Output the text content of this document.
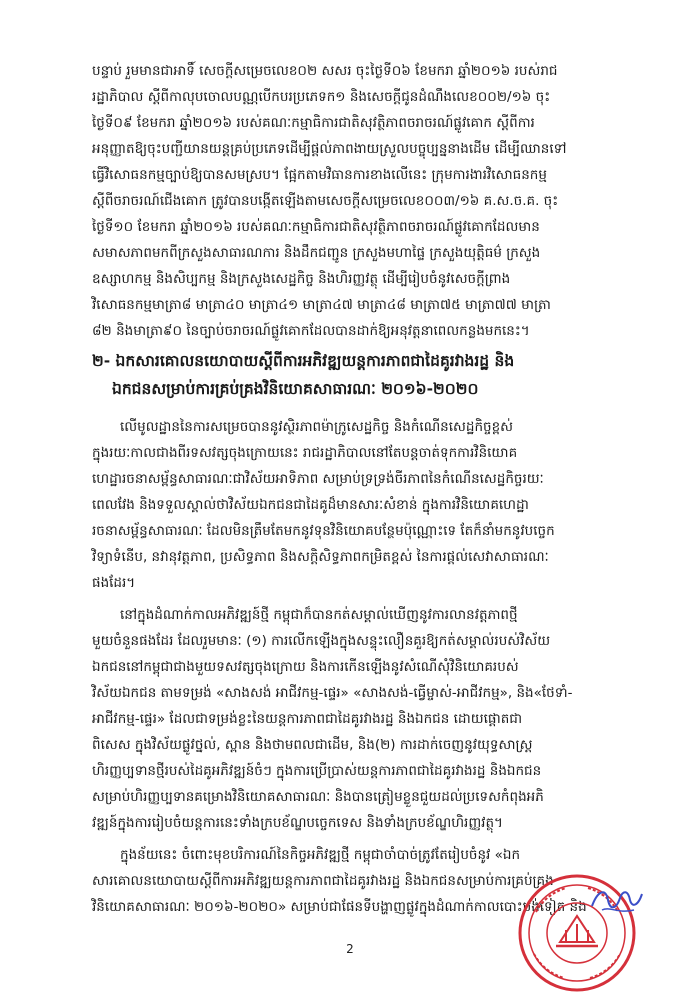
បន្ទាប់ រួមមានជាអាទិ៍ សេចក្ដីសម្រេចលេខ០២ សសរ ចុះថ្ងៃទី០៦ ខែមករា ឆ្នាំ២០១៦ របស់រាជ
រដ្ឋាភិបាល ស្ដីពីកាលុបចោលបណ្ណបើកបរប្រភេទក១ និងសេចក្ដីជូនដំណឹងលេខ០០២/១៦ ចុះ
ថ្ងៃទី០៩ ខែមករា ឆ្នាំ២០១៦ របស់គណៈកម្មាធិការជាតិសុវត្ថិភាពចរាចរណ៍ផ្លូវគោក ស្ដីពីការ
អនុញ្ញាតឱ្យចុះបញ្ជីយានយន្តគ្រប់ប្រភេទដើម្បីផ្ដល់ភាពងាយស្រួលបច្ចុប្បន្ននាងដើម ដើម្បីឈានទៅ
ធ្វើវិសោធនកម្មច្បាប់ឱ្យបានសមស្រប។ ផ្អែកតាមវិធានការខាងលើនេះ ក្រុមការងារវិសោធនកម្ម
ស្ដីពីចរាចរណ៍ជើងគោក ត្រូវបានបង្កើតឡើងតាមសេចក្ដីសម្រេចលេខ០០៣/១៦ គ.ស.ច.គ. ចុះ
ថ្ងៃទី១០ ខែមករា ឆ្នាំ២០១៦ របស់គណៈកម្មាធិការជាតិសុវត្ថិភាពចរាចរណ៍ផ្លូវគោកដែលមាន
សមាសភាពមកពីក្រសួងសាធារណការ និងដឹកជញ្ជូន ក្រសួងមហាផ្ទៃ ក្រសួងយុត្តិធម៌ ក្រសួង
ឧស្សាហកម្ម និងសិប្បកម្ម និងក្រសួងសេដ្ឋកិច្ច និងហិរញ្ញវត្ថុ ដើម្បីរៀបចំនូវសេចក្ដីព្រាង
វិសោធនកម្មមាត្រា៨ មាត្រា៤០ មាត្រា៤១ មាត្រា៤៧ មាត្រា៤៨ មាត្រា៧៥ មាត្រា៧៧ មាត្រា
៨២ និងមាត្រា៩០ នៃច្បាប់ចរាចរណ៍ផ្លូវគោកដែលបានដាក់ឱ្យអនុវត្តនាពេលកន្លងមកនេះ។
២- ឯកសារគោលនយោបាយស្ដីពីការអភិវឌ្ឍយន្តការភាពជាដៃគូរវាងរដ្ឋ និង
ឯកជនសម្រាប់ការគ្រប់គ្រងវិនិយោគសាធារណៈ ២០១៦-២០២០
លើមូលដ្ឋាននៃការសម្រេចបាននូវស្ថិរភាពម៉ាក្រូសេដ្ឋកិច្ច និងកំណើនសេដ្ឋកិច្ចខ្ពស់
ក្នុងរយៈកាលជាងពីរទសវត្សចុងក្រោយនេះ រាជរដ្ឋាភិបាលនៅតែបន្តចាត់ទុកការវិនិយោគ
ហេដ្ឋារចនាសម្ព័ន្ធសាធារណៈជាវិស័យអាទិភាព សម្រាប់ទ្រទ្រង់ចីរភាពនៃកំណើនសេដ្ឋកិច្ចរយៈ
ពេលវែង និងទទួលស្គាល់ថាវិស័យឯកជនជាដៃគូដ៏មានសារៈសំខាន់ ក្នុងការវិនិយោគហេដ្ឋា
រចនាសម្ព័ន្ធសាធារណៈ ដែលមិនត្រឹមតែមកនូវទុនវិនិយោគបន្ថែមប៉ុណ្ណោះទេ តែក៏នាំមកនូវបច្ចេក
វិទ្យាទំនើប, នវានុវត្តភាព, ប្រសិទ្ធភាព និងសក្ដិសិទ្ធភាពកម្រិតខ្ពស់ នៃការផ្ដល់សេវាសាធារណៈ
ផងដែរ។
នៅក្នុងដំណាក់កាលអភិវឌ្ឍន៍ថ្មី កម្ពុជាក៏បានកត់សម្គាល់ឃើញនូវការលានវត្តភាពថ្មី
មួយចំនួនផងដែរ ដែលរួមមានៈ (១) ការលើកឡើងក្នុងសន្ទុះលឿនគួរឱ្យកត់សម្គាល់របស់វិស័យ
ឯកជននៅកម្ពុជាជាងមួយទសវត្សចុងក្រោយ និងការកើនឡើងនូវសំណើសុំវិនិយោគរបស់
វិស័យឯកជន តាមទម្រង់ «សាងសង់ អាជីវកម្ម-ផ្ទេរ» «សាងសង់-ធ្វើម្ចាស់-អាជីវកម្ម», និង«ថែទាំ-
អាជីវកម្ម-ផ្ទេរ» ដែលជាទម្រង់ខ្លះនៃយន្តការភាពជាដៃគូរវាងរដ្ឋ និងឯកជន ដោយផ្ដោតជា
ពិសេស ក្នុងវិស័យផ្លូវថ្នល់, ស្ពាន និងថាមពលជាដើម, និង(២) ការដាក់ចេញនូវយុទ្ធសាស្ត្រ
ហិរញ្ញប្បទានថ្មីរបស់ដៃគូអភិវឌ្ឍន៍ចំៗ ក្នុងការប្រើប្រាស់យន្តការភាពជាដៃគូរវាងរដ្ឋ និងឯកជន
សម្រាប់ហិរញ្ញប្បទានគម្រោងវិនិយោគសាធារណៈ និងបានត្រៀមខ្លួនជួយដល់ប្រទេសកំពុងអភិ
វឌ្ឍន៍ក្នុងការរៀបចំយន្តការនេះទាំងក្របខ័ណ្ឌបច្ចេកទេស និងទាំងក្របខ័ណ្ឌហិរញ្ញវត្ថុ។
ក្នុងន័យនេះ ចំពោះមុខបរិការណ៍នៃកិច្ចអភិវឌ្ឍថ្មី កម្ពុជាចាំបាច់ត្រូវតែរៀបចំនូវ «ឯក
សារគោលនយោបាយស្ដីពីការអភិវឌ្ឍយន្តការភាពជាដៃគូរវាងរដ្ឋ និងឯកជនសម្រាប់ការគ្រប់គ្រង
វិនិយោគសាធារណៈ ២០១៦-២០២០» សម្រាប់ជាផែនទីបង្ហាញផ្លូវក្នុងដំណាក់កាលបោះបង់ទៀត និង
2
